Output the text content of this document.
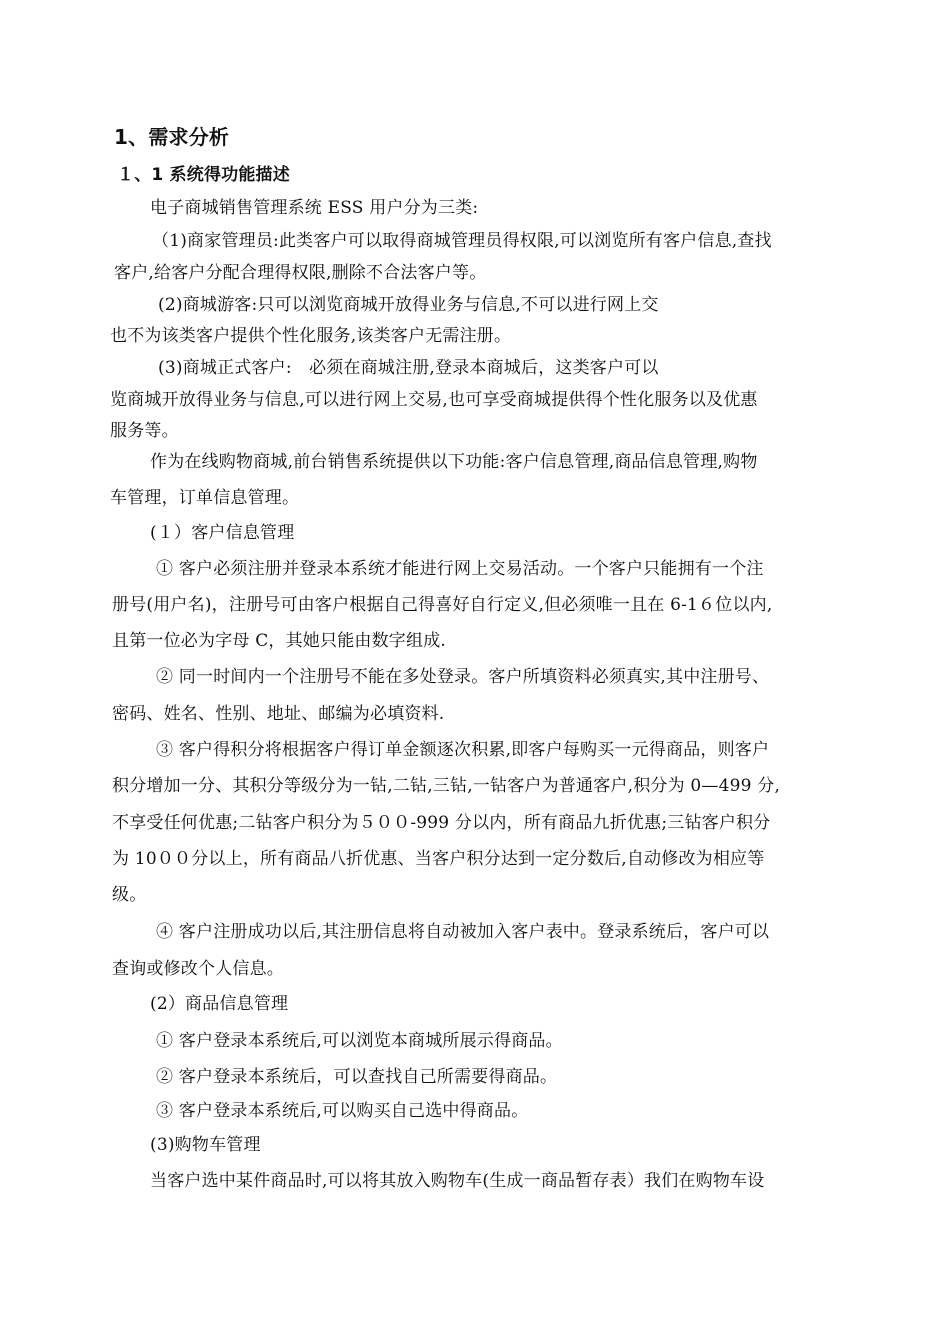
1、需求分析
１、1 系统得功能描述
电子商城销售管理系统 ESS 用户分为三类:
（1)商家管理员:此类客户可以取得商城管理员得权限,可以浏览所有客户信息,查找
客户,给客户分配合理得权限,删除不合法客户等。
(2)商城游客:只可以浏览商城开放得业务与信息,不可以进行网上交
也不为该类客户提供个性化服务,该类客户无需注册。
(3)商城正式客户:　必须在商城注册,登录本商城后，这类客户可以
览商城开放得业务与信息,可以进行网上交易,也可享受商城提供得个性化服务以及优惠
服务等。
作为在线购物商城,前台销售系统提供以下功能:客户信息管理,商品信息管理,购物
车管理，订单信息管理。
(１）客户信息管理
① 客户必须注册并登录本系统才能进行网上交易活动。一个客户只能拥有一个注
册号(用户名)，注册号可由客户根据自己得喜好自行定义,但必须唯一且在 6-1６位以内,
且第一位必为字母 C，其她只能由数字组成.
② 同一时间内一个注册号不能在多处登录。客户所填资料必须真实,其中注册号、
密码、姓名、性别、地址、邮编为必填资料.
③ 客户得积分将根据客户得订单金额逐次积累,即客户每购买一元得商品，则客户
积分增加一分、其积分等级分为一钻,二钻,三钻,一钻客户为普通客户,积分为 0—499 分,
不享受任何优惠;二钻客户积分为５００-999 分以内，所有商品九折优惠;三钻客户积分
为 10００分以上，所有商品八折优惠、当客户积分达到一定分数后,自动修改为相应等
级。
④ 客户注册成功以后,其注册信息将自动被加入客户表中。登录系统后，客户可以
查询或修改个人信息。
(2）商品信息管理
① 客户登录本系统后,可以浏览本商城所展示得商品。
② 客户登录本系统后，可以查找自己所需要得商品。
③ 客户登录本系统后,可以购买自己选中得商品。
(3)购物车管理
当客户选中某件商品时,可以将其放入购物车(生成一商品暂存表）我们在购物车设
